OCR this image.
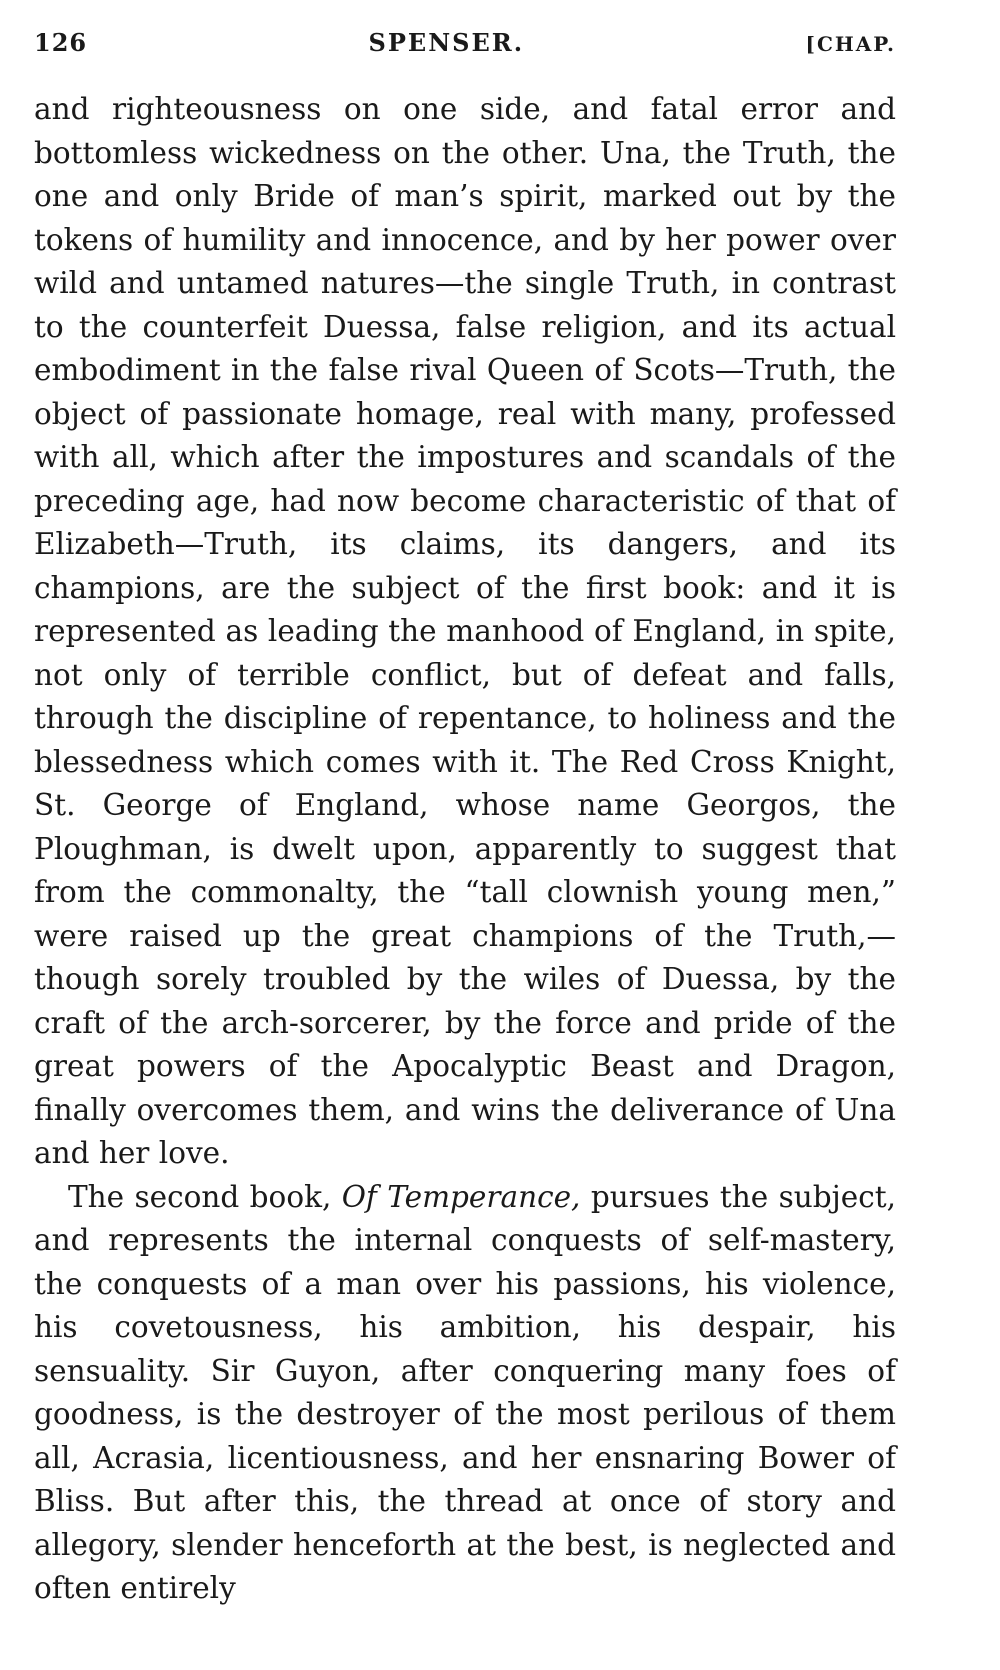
126	SPENSER.	[CHAP.

and righteousness on one side, and fatal error and bottomless wickedness on the other. Una, the Truth, the one and only Bride of man’s spirit, marked out by the tokens of humility and innocence, and by her power over wild and untamed natures—the single Truth, in contrast to the counterfeit Duessa, false religion, and its actual embodiment in the false rival Queen of Scots—Truth, the object of passionate homage, real with many, professed with all, which after the impostures and scandals of the preceding age, had now become characteristic of that of Elizabeth—Truth, its claims, its dangers, and its champions, are the subject of the first book: and it is represented as leading the manhood of England, in spite, not only of terrible conflict, but of defeat and falls, through the discipline of repentance, to holiness and the blessedness which comes with it. The Red Cross Knight, St. George of England, whose name Georgos, the Ploughman, is dwelt upon, apparently to suggest that from the commonalty, the “tall clownish young men,” were raised up the great champions of the Truth,—though sorely troubled by the wiles of Duessa, by the craft of the arch-sorcerer, by the force and pride of the great powers of the Apocalyptic Beast and Dragon, finally overcomes them, and wins the deliverance of Una and her love.

The second book, Of Temperance, pursues the subject, and represents the internal conquests of self-mastery, the conquests of a man over his passions, his violence, his covetousness, his ambition, his despair, his sensuality. Sir Guyon, after conquering many foes of goodness, is the destroyer of the most perilous of them all, Acrasia, licentiousness, and her ensnaring Bower of Bliss. But after this, the thread at once of story and allegory, slender henceforth at the best, is neglected and often entirely
